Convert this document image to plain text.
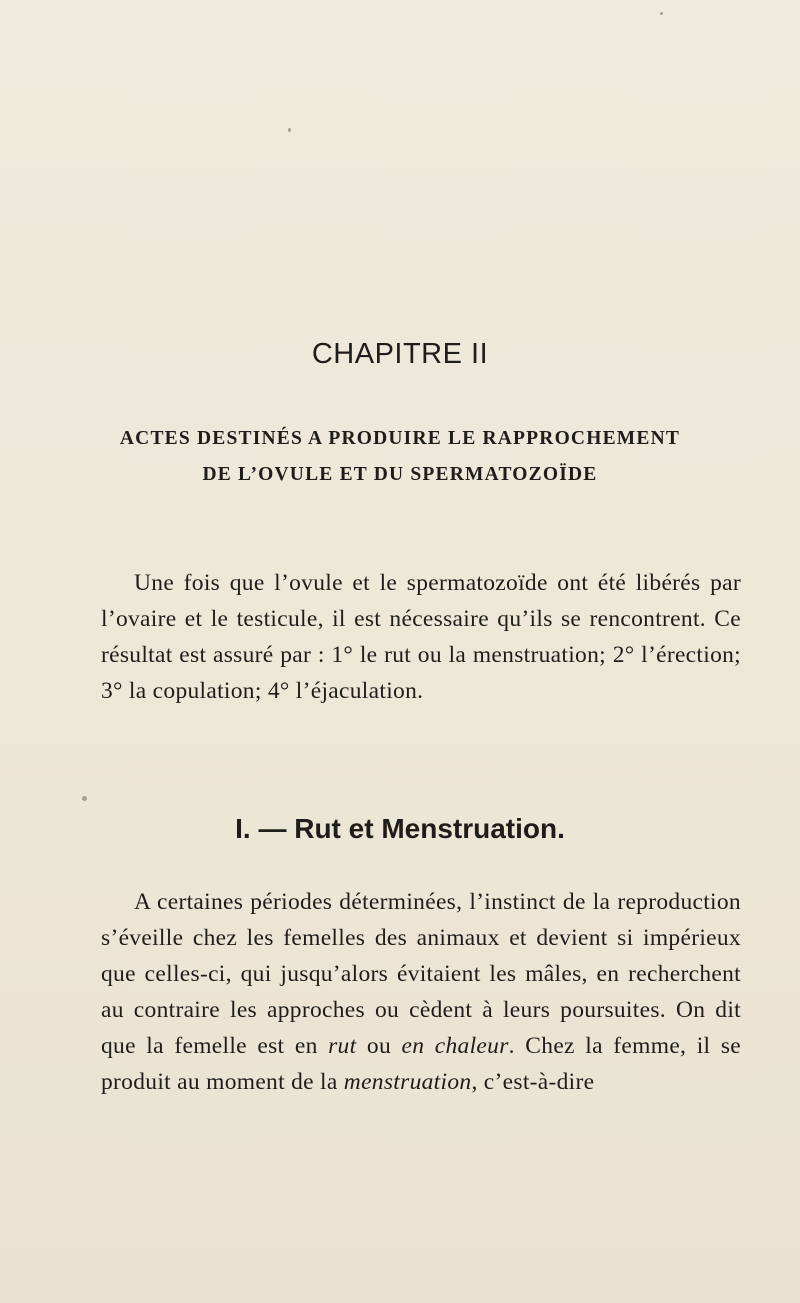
CHAPITRE II

ACTES DESTINÉS A PRODUIRE LE RAPPROCHEMENT

DE L’OVULE ET DU SPERMATOZOÏDE

Une fois que l’ovule et le spermatozoïde ont été libérés par l’ovaire et le testicule, il est nécessaire qu’ils se rencontrent. Ce résultat est assuré par : 1° le rut ou la menstruation; 2° l’érection; 3° la copulation; 4° l’éjaculation.

I. — Rut et Menstruation.

A certaines périodes déterminées, l’instinct de la reproduction s’éveille chez les femelles des animaux et devient si impérieux que celles-ci, qui jusqu’alors évitaient les mâles, en recherchent au contraire les approches ou cèdent à leurs poursuites. On dit que la femelle est en rut ou en chaleur. Chez la femme, il se produit au moment de la menstruation, c’est-à-dire
